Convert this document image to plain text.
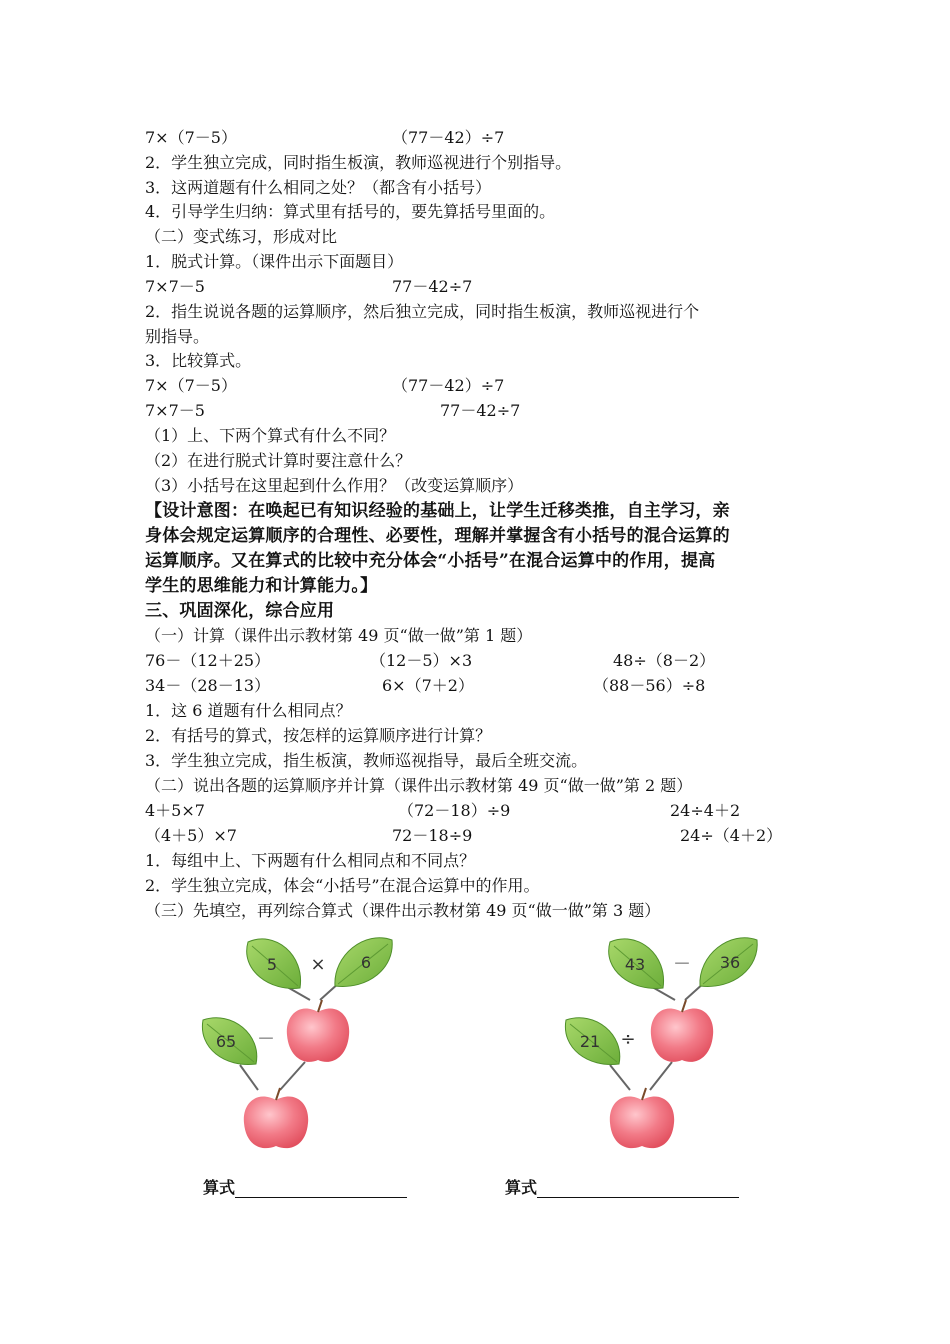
7×（7－5）	（77－42）÷7
2．学生独立完成，同时指生板演，教师巡视进行个别指导。
3．这两道题有什么相同之处？（都含有小括号）
4．引导学生归纳：算式里有括号的，要先算括号里面的。
（二）变式练习，形成对比
1．脱式计算。（课件出示下面题目）
7×7－5	77－42÷7
2．指生说说各题的运算顺序，然后独立完成，同时指生板演，教师巡视进行个
别指导。
3．比较算式。
7×（7－5）	（77－42）÷7
7×7－5	77－42÷7
（1）上、下两个算式有什么不同？
（2）在进行脱式计算时要注意什么？
（3）小括号在这里起到什么作用？（改变运算顺序）
【设计意图：在唤起已有知识经验的基础上，让学生迁移类推，自主学习，亲
身体会规定运算顺序的合理性、必要性，理解并掌握含有小括号的混合运算的
运算顺序。又在算式的比较中充分体会“小括号”在混合运算中的作用，提高
学生的思维能力和计算能力。】
三、巩固深化，综合应用
（一）计算（课件出示教材第 49 页“做一做”第 1 题）
76－（12＋25）	（12－5）×3	48÷（8－2）
34－（28－13）	6×（7＋2）	（88－56）÷8
1．这 6 道题有什么相同点？
2．有括号的算式，按怎样的运算顺序进行计算？
3．学生独立完成，指生板演，教师巡视指导，最后全班交流。
（二）说出各题的运算顺序并计算（课件出示教材第 49 页“做一做”第 2 题）
4＋5×7	（72－18）÷9	24÷4＋2
（4＋5）×7	72－18÷9	24÷（4＋2）
1．每组中上、下两题有什么相同点和不同点？
2．学生独立完成，体会“小括号”在混合运算中的作用。
（三）先填空，再列综合算式（课件出示教材第 49 页“做一做”第 3 题）
5 × 6
65 －
43 － 36
21 ÷
算式	算式
